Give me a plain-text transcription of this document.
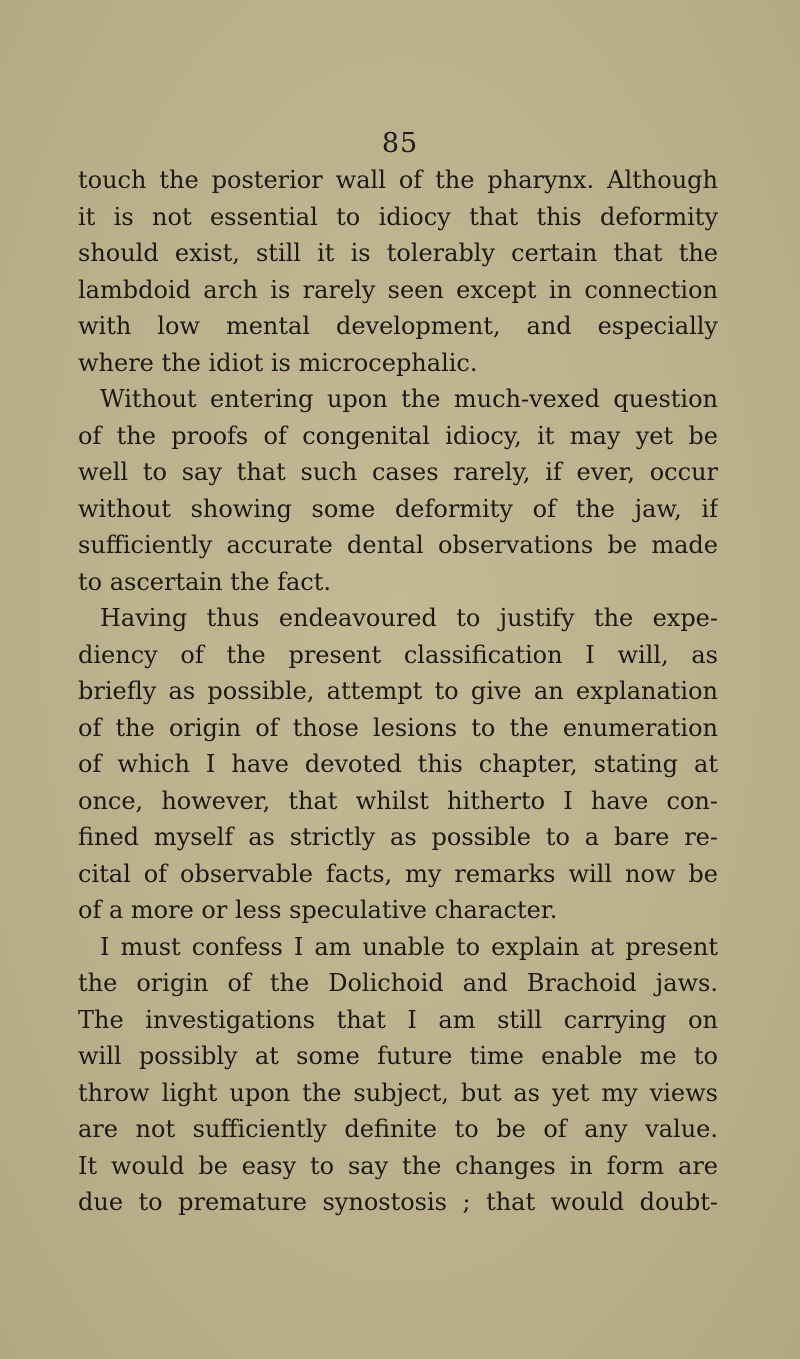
85
touch the posterior wall of the pharynx. Although
it is not essential to idiocy that this deformity
should exist, still it is tolerably certain that the
lambdoid arch is rarely seen except in connection
with low mental development, and especially
where the idiot is microcephalic.
Without entering upon the much-vexed question
of the proofs of congenital idiocy, it may yet be
well to say that such cases rarely, if ever, occur
without showing some deformity of the jaw, if
sufficiently accurate dental observations be made
to ascertain the fact.
Having thus endeavoured to justify the expe-
diency of the present classification I will, as
briefly as possible, attempt to give an explanation
of the origin of those lesions to the enumeration
of which I have devoted this chapter, stating at
once, however, that whilst hitherto I have con-
fined myself as strictly as possible to a bare re-
cital of observable facts, my remarks will now be
of a more or less speculative character.
I must confess I am unable to explain at present
the origin of the Dolichoid and Brachoid jaws.
The investigations that I am still carrying on
will possibly at some future time enable me to
throw light upon the subject, but as yet my views
are not sufficiently definite to be of any value.
It would be easy to say the changes in form are
due to premature synostosis ; that would doubt-
